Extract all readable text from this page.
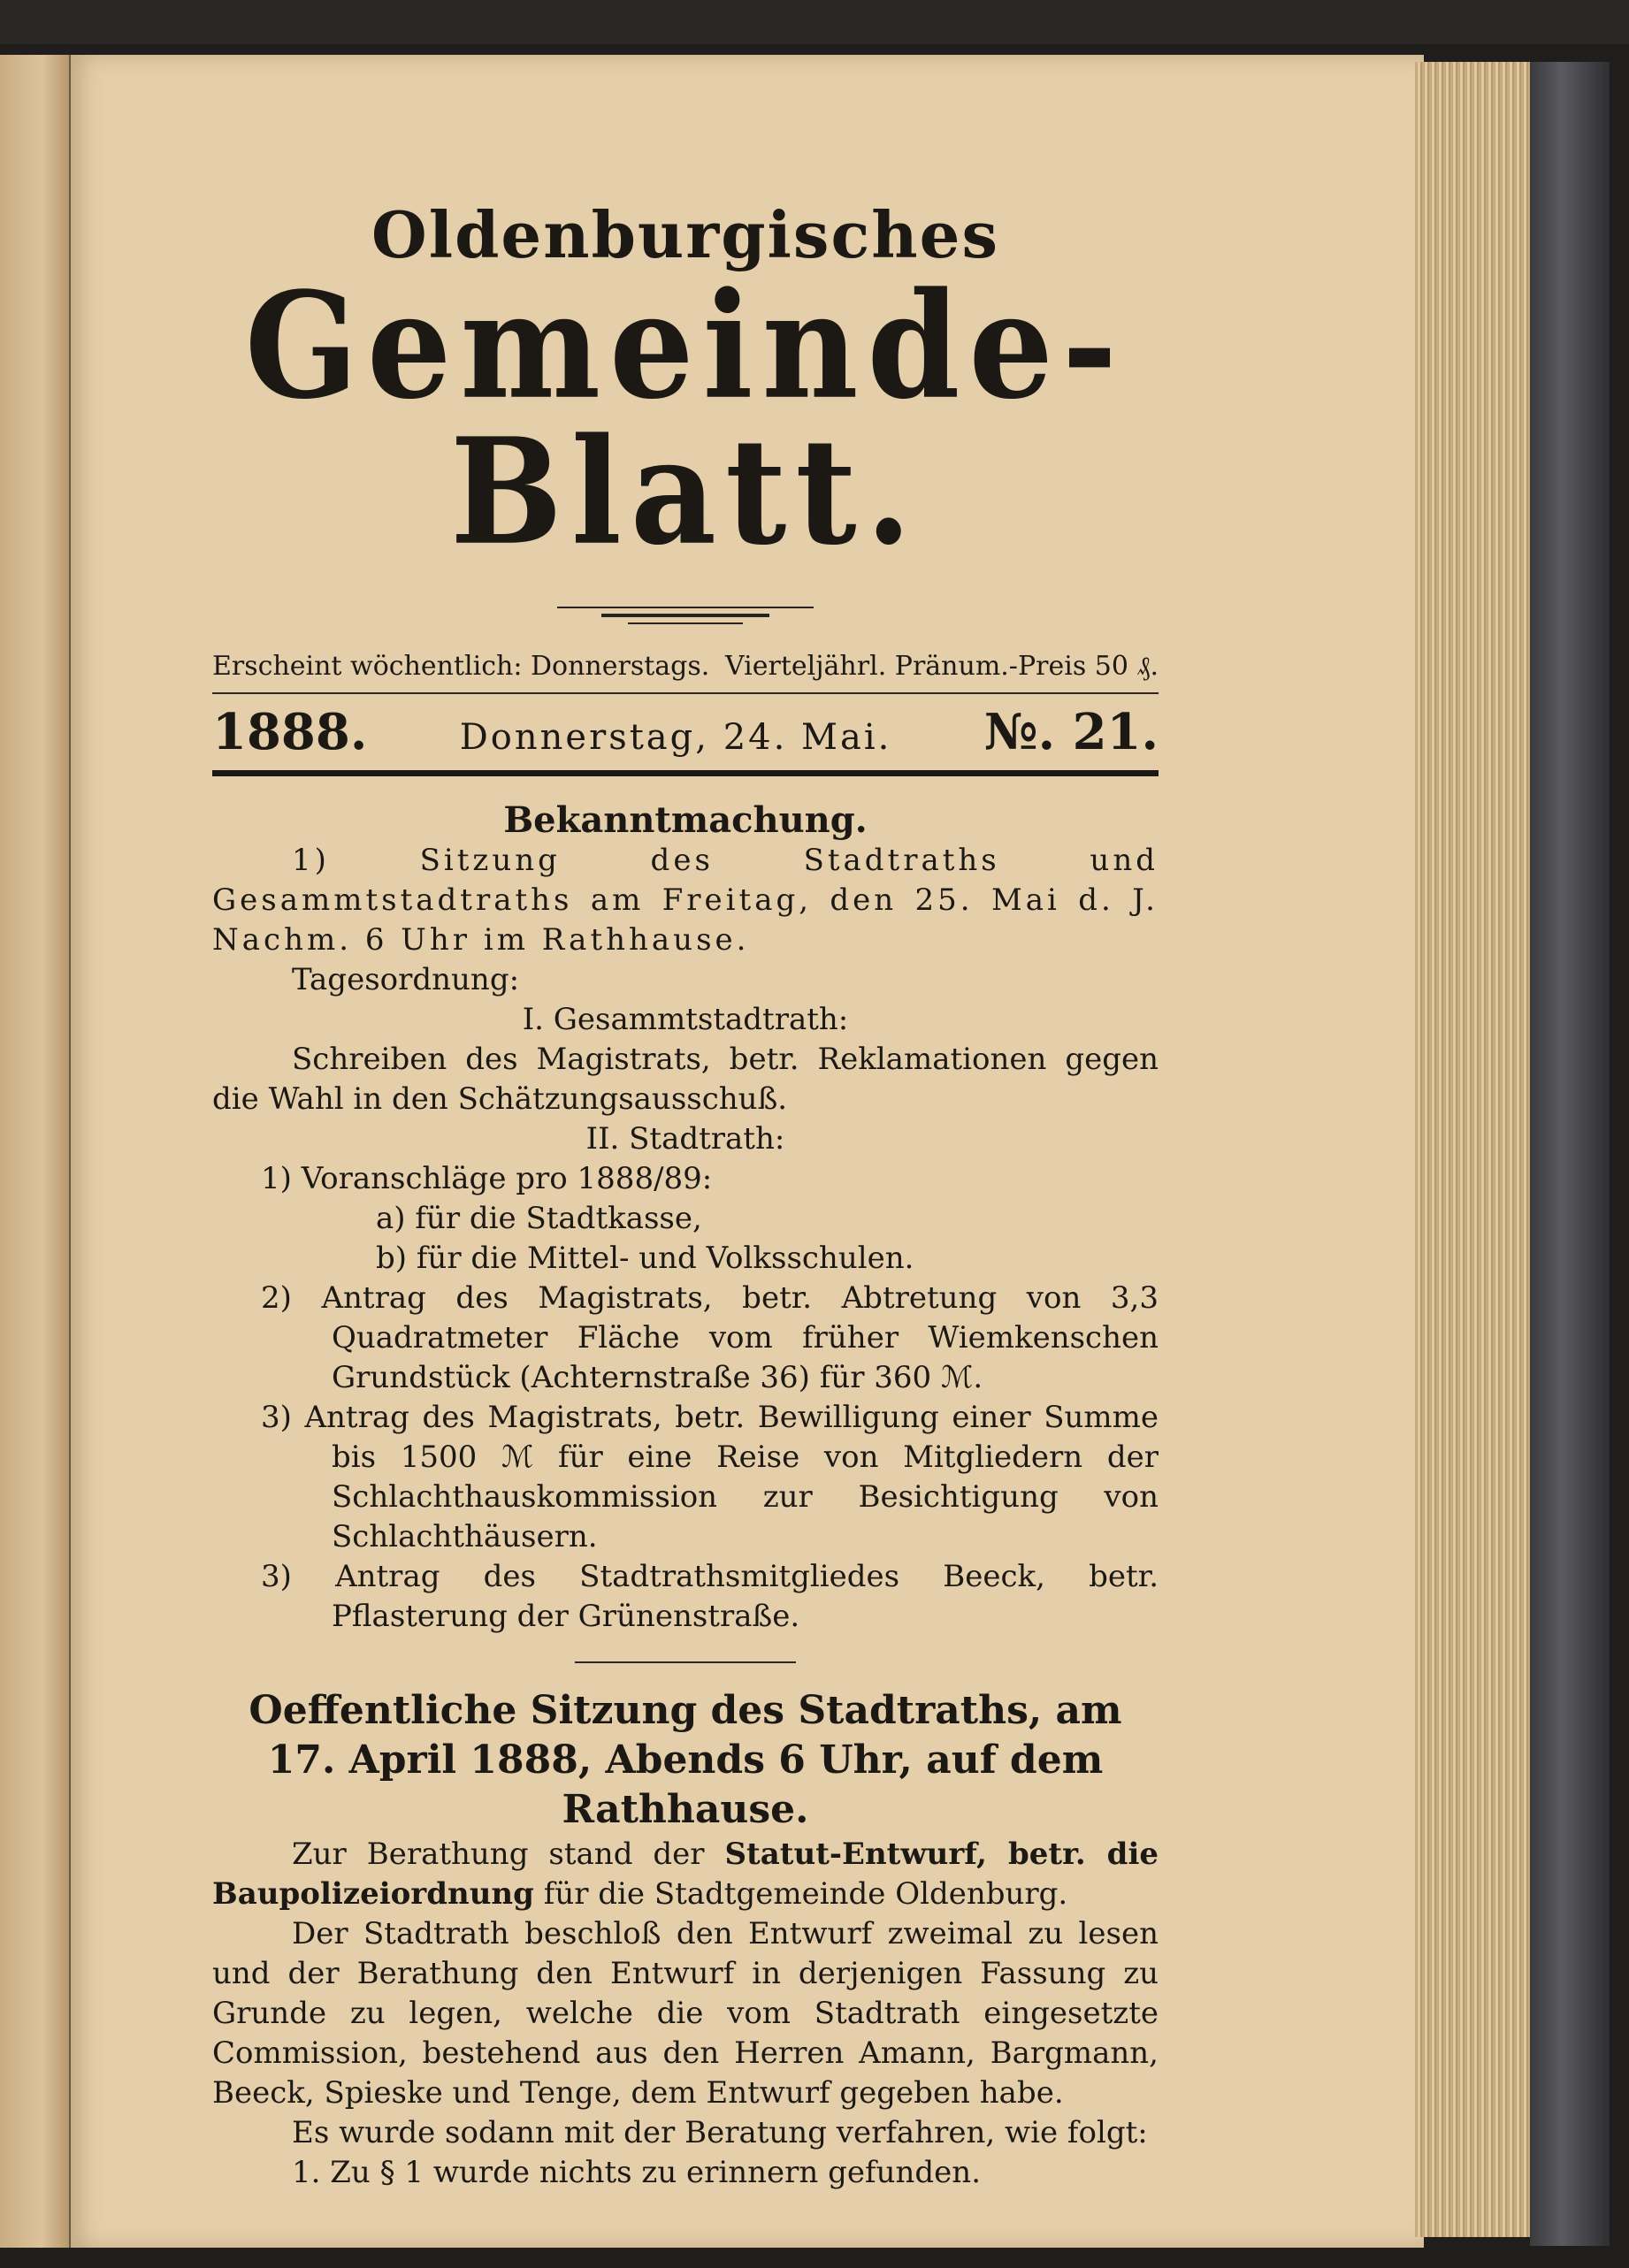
Oldenburgisches
Gemeinde-Blatt.
Erscheint wöchentlich: Donnerstags. Vierteljährl. Pränum.-Preis 50 ₰.
1888.	Donnerstag, 24. Mai. №. 21.
Bekanntmachung.
1) Sitzung des Stadtraths und Gesammtstadtraths am Freitag, den 25. Mai d. J. Nachm. 6 Uhr im Rathhause.
Tagesordnung:
I. Gesammtstadtrath:
Schreiben des Magistrats, betr. Reklamationen gegen die Wahl in den Schätzungsausschuß.
II. Stadtrath:
1) Voranschläge pro 1888/89:
a) für die Stadtkasse,
b) für die Mittel- und Volksschulen.
2) Antrag des Magistrats, betr. Abtretung von 3,3 Quadratmeter Fläche vom früher Wiemkenschen Grundstück (Achternstraße 36) für 360 ℳ.
3) Antrag des Magistrats, betr. Bewilligung einer Summe bis 1500 ℳ für eine Reise von Mitgliedern der Schlachthauskommission zur Besichtigung von Schlachthäusern.
3) Antrag des Stadtrathsmitgliedes Beeck, betr. Pflasterung der Grünenstraße.
Oeffentliche Sitzung des Stadtraths, am 17. April 1888, Abends 6 Uhr, auf dem Rathhause.
Zur Berathung stand der Statut-Entwurf, betr. die Baupolizeiordnung für die Stadtgemeinde Oldenburg.
Der Stadtrath beschloß den Entwurf zweimal zu lesen und der Berathung den Entwurf in derjenigen Fassung zu Grunde zu legen, welche die vom Stadtrath eingesetzte Commission, bestehend aus den Herren Amann, Bargmann, Beeck, Spieske und Tenge, dem Entwurf gegeben habe.
Es wurde sodann mit der Beratung verfahren, wie folgt:
1. Zu § 1 wurde nichts zu erinnern gefunden.
